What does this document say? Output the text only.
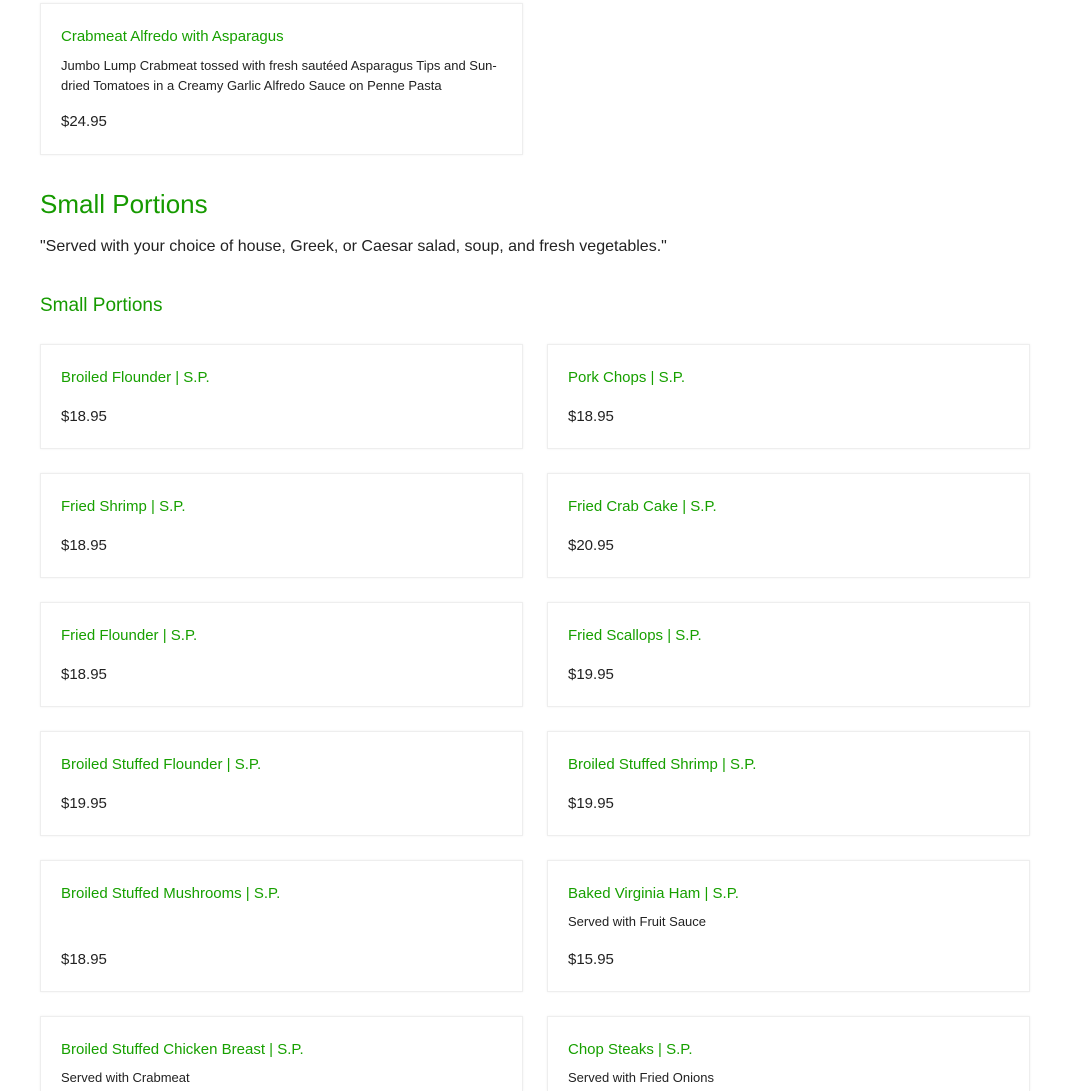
Crabmeat Alfredo with Asparagus
Jumbo Lump Crabmeat tossed with fresh sautéed Asparagus Tips and Sun-dried Tomatoes in a Creamy Garlic Alfredo Sauce on Penne Pasta
$24.95
Small Portions

"Served with your choice of house, Greek, or Caesar salad, soup, and fresh vegetables."

Small Portions
Broiled Flounder | S.P.
$18.95
Pork Chops | S.P.
$18.95
Fried Shrimp | S.P.
$18.95
Fried Crab Cake | S.P.
$20.95
Fried Flounder | S.P.
$18.95
Fried Scallops | S.P.
$19.95
Broiled Stuffed Flounder | S.P.
$19.95
Broiled Stuffed Shrimp | S.P.
$19.95
Broiled Stuffed Mushrooms | S.P.
$18.95
Baked Virginia Ham | S.P.
Served with Fruit Sauce
$15.95
Broiled Stuffed Chicken Breast | S.P.
Served with Crabmeat
Chop Steaks | S.P.
Served with Fried Onions
